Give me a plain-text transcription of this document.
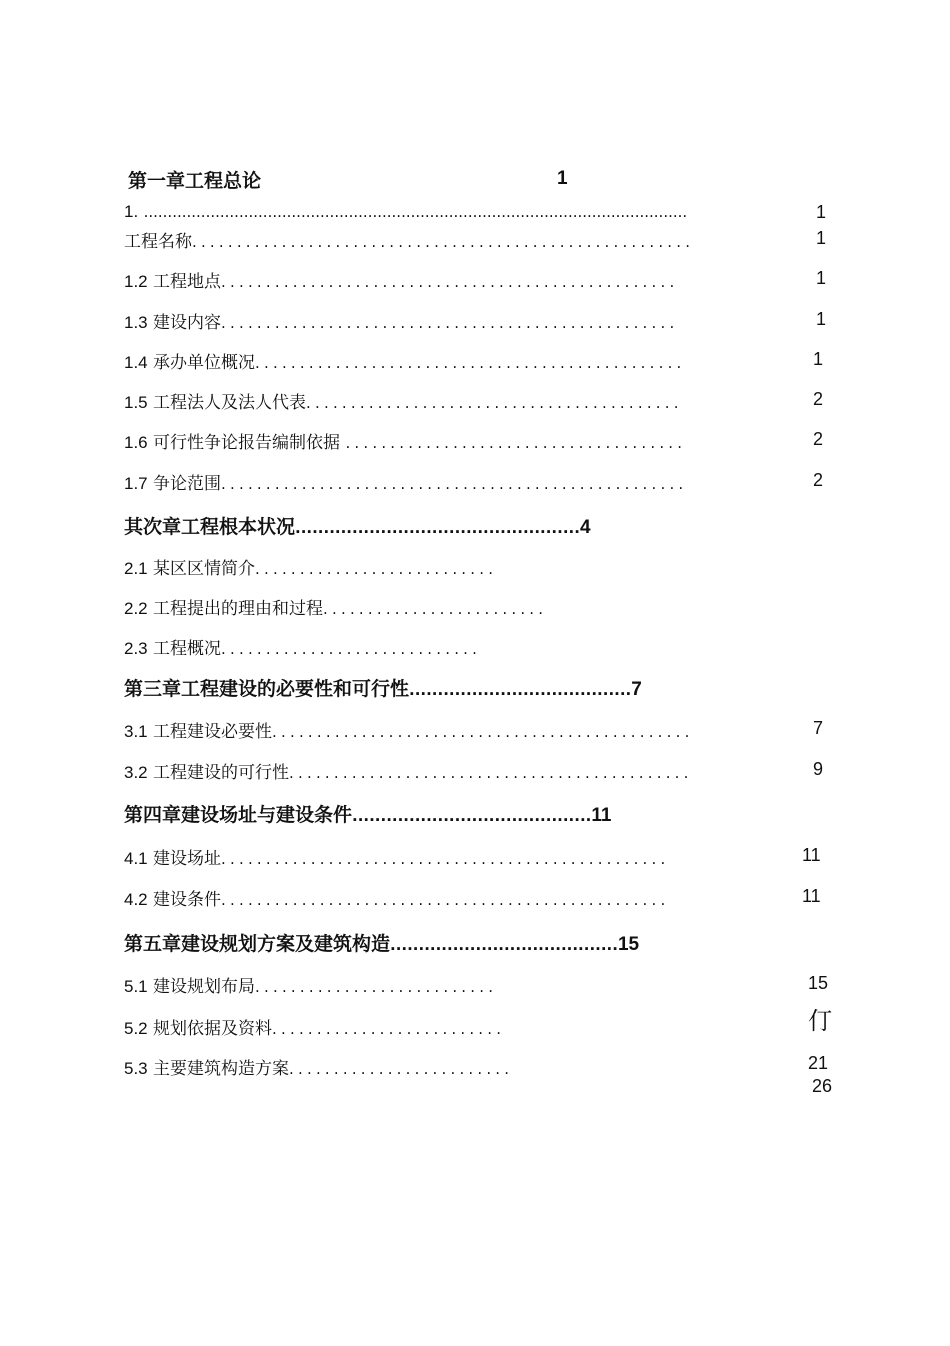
第一章工程总论	1
1. ..................................................................................................................	1
工程名称........................................................	1
1.2 工程地点...................................................	1
1.3 建设内容...................................................	1
1.4 承办单位概况................................................	1
1.5 工程法人及法人代表..........................................	2
1.6 可行性争论报告编制依据 ......................................	2
1.7 争论范围....................................................	2
其次章工程根本状况..................................................4
2.1 某区区情简介...........................
2.2 工程提出的理由和过程.........................
2.3 工程概况.............................
第三章工程建设的必要性和可行性.......................................7
3.1 工程建设必要性...............................................	7
3.2 工程建设的可行性.............................................	9
第四章建设场址与建设条件..........................................11
4.1 建设场址..................................................	11
4.2 建设条件..................................................	11
第五章建设规划方案及建筑构造........................................15
5.1 建设规划布局...........................	15
5.2 规划依据及资料..........................	仃
5.3 主要建筑构造方案.........................	21
26
